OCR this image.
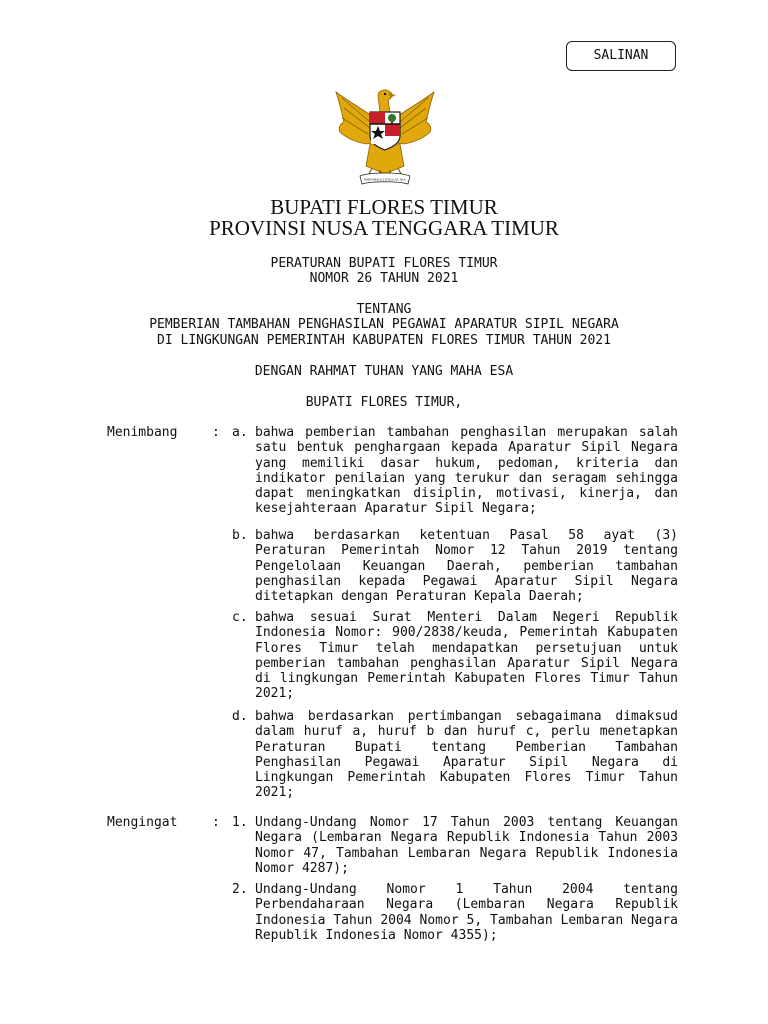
SALINAN
BHINNEKA TUNGGAL IKA
BUPATI FLORES TIMUR
PROVINSI NUSA TENGGARA TIMUR
PERATURAN BUPATI FLORES TIMUR
NOMOR 26 TAHUN 2021
TENTANG
PEMBERIAN TAMBAHAN PENGHASILAN PEGAWAI APARATUR SIPIL NEGARA
DI LINGKUNGAN PEMERINTAH KABUPATEN FLORES TIMUR TAHUN 2021
DENGAN RAHMAT TUHAN YANG MAHA ESA
BUPATI FLORES TIMUR,
Menimbang	: a. bahwa pemberian tambahan penghasilan merupakan salah satu bentuk penghargaan kepada Aparatur Sipil Negara yang memiliki dasar hukum, pedoman, kriteria dan indikator penilaian yang terukur dan seragam sehingga dapat meningkatkan disiplin, motivasi, kinerja, dan kesejahteraan Aparatur Sipil Negara;
b. bahwa berdasarkan ketentuan Pasal 58 ayat (3) Peraturan Pemerintah Nomor 12 Tahun 2019 tentang Pengelolaan Keuangan Daerah, pemberian tambahan penghasilan kepada Pegawai Aparatur Sipil Negara ditetapkan dengan Peraturan Kepala Daerah;
c. bahwa sesuai Surat Menteri Dalam Negeri Republik Indonesia Nomor: 900/2838/keuda, Pemerintah Kabupaten Flores Timur telah mendapatkan persetujuan untuk pemberian tambahan penghasilan Aparatur Sipil Negara di lingkungan Pemerintah Kabupaten Flores Timur Tahun 2021;
d. bahwa berdasarkan pertimbangan sebagaimana dimaksud dalam huruf a, huruf b dan huruf c, perlu menetapkan Peraturan Bupati tentang Pemberian Tambahan Penghasilan Pegawai Aparatur Sipil Negara di Lingkungan Pemerintah Kabupaten Flores Timur Tahun 2021;
Mengingat	: 1. Undang-Undang Nomor 17 Tahun 2003 tentang Keuangan Negara (Lembaran Negara Republik Indonesia Tahun 2003 Nomor 47, Tambahan Lembaran Negara Republik Indonesia Nomor 4287);
2. Undang-Undang Nomor 1 Tahun 2004 tentang Perbendaharaan Negara (Lembaran Negara Republik Indonesia Tahun 2004 Nomor 5, Tambahan Lembaran Negara Republik Indonesia Nomor 4355);
